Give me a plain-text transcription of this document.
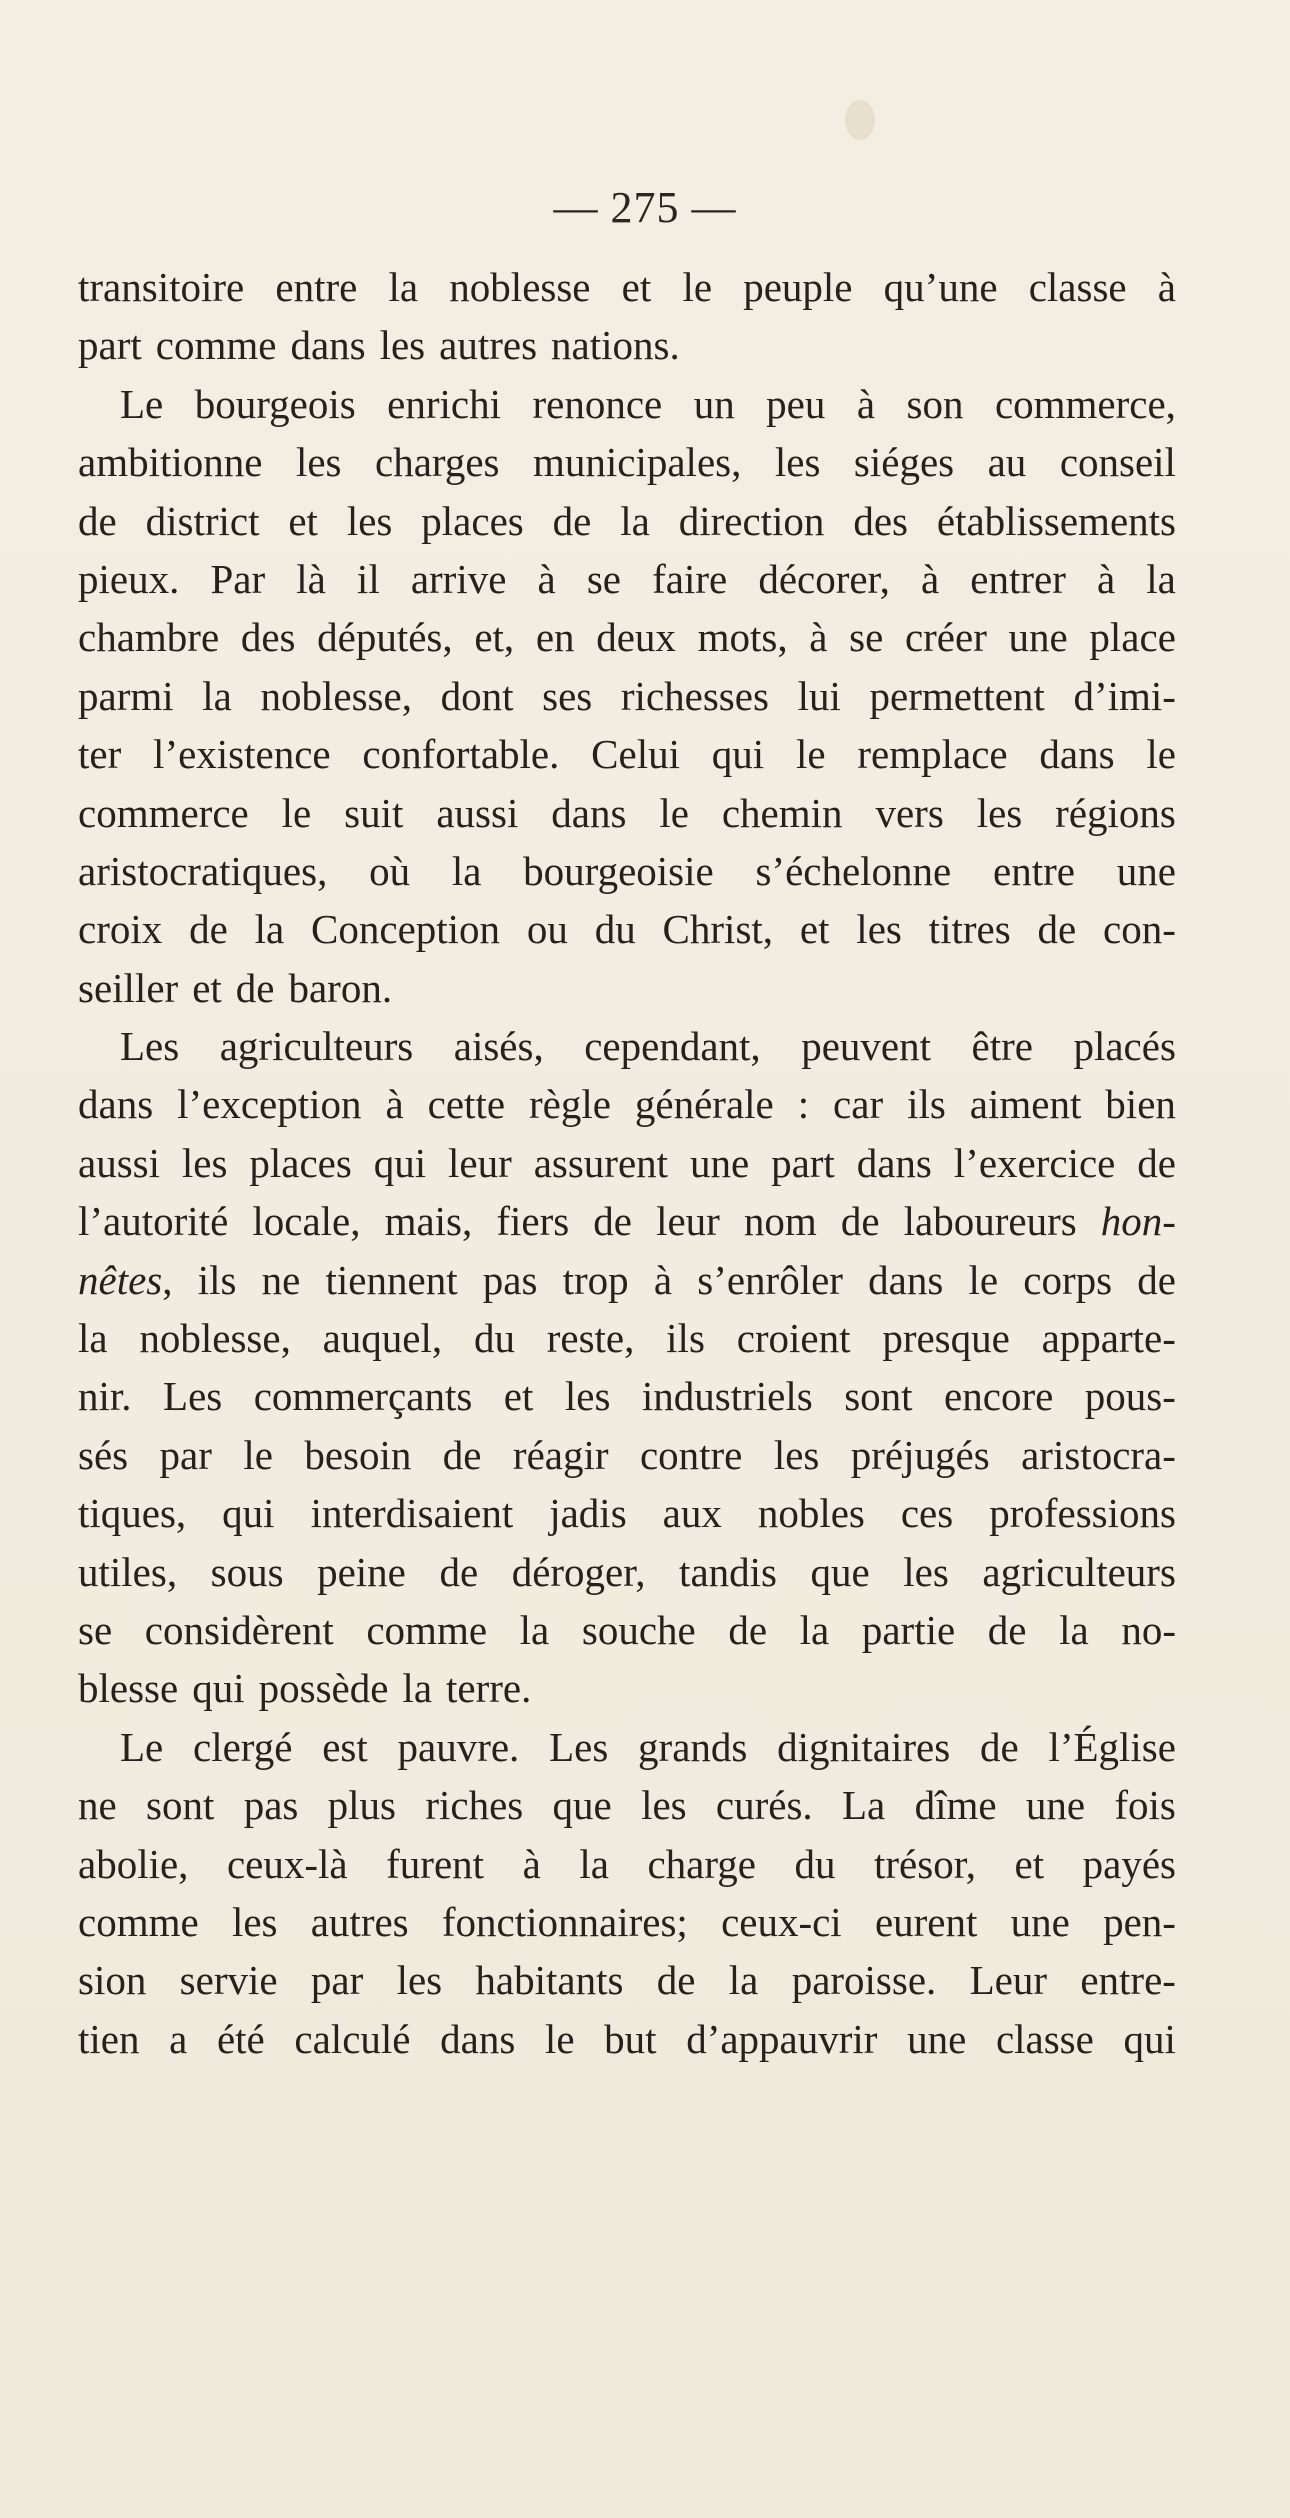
— 275 —
transitoire entre la noblesse et le peuple qu’une classe à
part comme dans les autres nations.
Le bourgeois enrichi renonce un peu à son commerce,
ambitionne les charges municipales, les siéges au conseil
de district et les places de la direction des établissements
pieux. Par là il arrive à se faire décorer, à entrer à la
chambre des députés, et, en deux mots, à se créer une place
parmi la noblesse, dont ses richesses lui permettent d’imi-
ter l’existence confortable. Celui qui le remplace dans le
commerce le suit aussi dans le chemin vers les régions
aristocratiques, où la bourgeoisie s’échelonne entre une
croix de la Conception ou du Christ, et les titres de con-
seiller et de baron.
Les agriculteurs aisés, cependant, peuvent être placés
dans l’exception à cette règle générale : car ils aiment bien
aussi les places qui leur assurent une part dans l’exercice de
l’autorité locale, mais, fiers de leur nom de laboureurs hon-
nêtes, ils ne tiennent pas trop à s’enrôler dans le corps de
la noblesse, auquel, du reste, ils croient presque apparte-
nir. Les commerçants et les industriels sont encore pous-
sés par le besoin de réagir contre les préjugés aristocra-
tiques, qui interdisaient jadis aux nobles ces professions
utiles, sous peine de déroger, tandis que les agriculteurs
se considèrent comme la souche de la partie de la no-
blesse qui possède la terre.
Le clergé est pauvre. Les grands dignitaires de l’Église
ne sont pas plus riches que les curés. La dîme une fois
abolie, ceux-là furent à la charge du trésor, et payés
comme les autres fonctionnaires; ceux-ci eurent une pen-
sion servie par les habitants de la paroisse. Leur entre-
tien a été calculé dans le but d’appauvrir une classe qui
